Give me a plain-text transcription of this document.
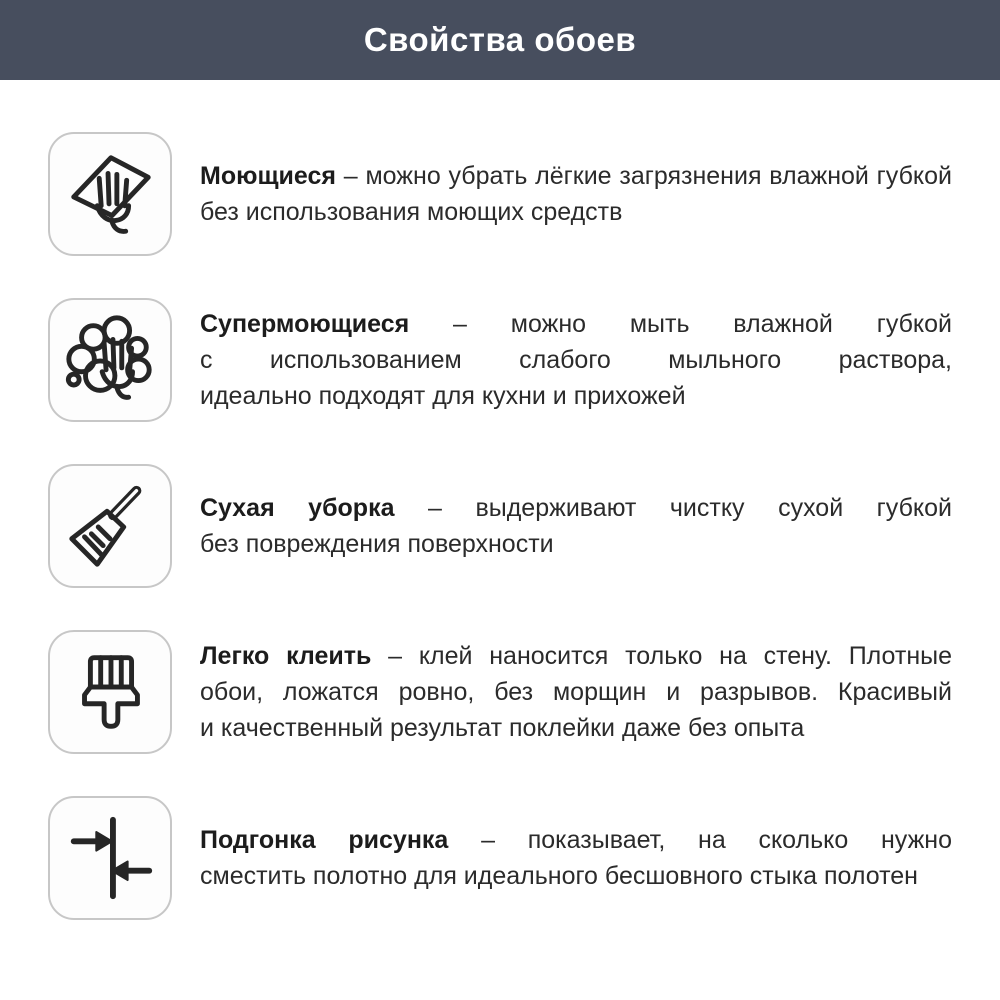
Свойства обоев

Моющиеся – можно убрать лёгкие загрязнения влажной губкой без использования моющих средств

Супермоющиеся – можно мыть влажной губкой с использованием слабого мыльного раствора, идеально подходят для кухни и прихожей

Сухая уборка – выдерживают чистку сухой губкой без повреждения поверхности

Легко клеить – клей наносится только на стену. Плотные обои, ложатся ровно, без морщин и разрывов. Красивый и качественный результат поклейки даже без опыта

Подгонка рисунка – показывает, на сколько нужно сместить полотно для идеального бесшовного стыка полотен
